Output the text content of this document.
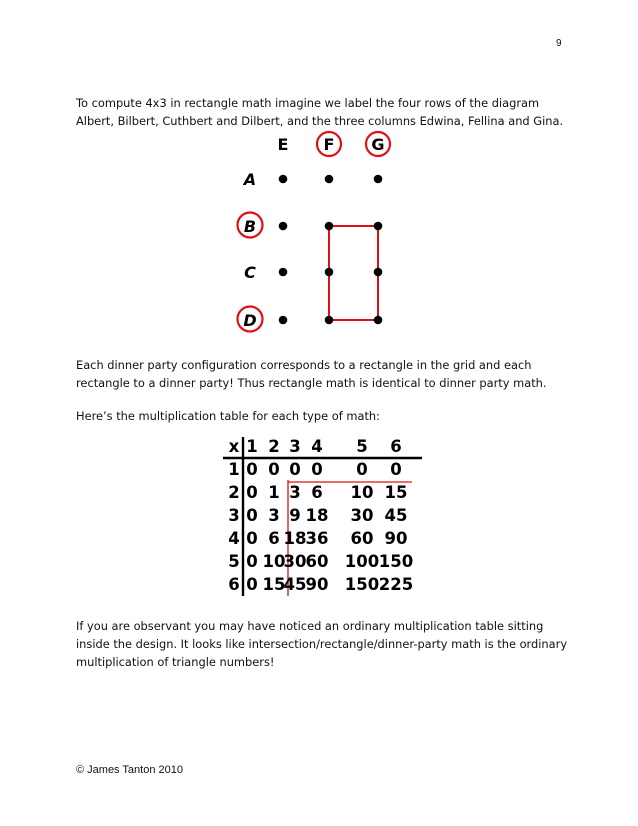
9

To compute 4x3 in rectangle math imagine we label the four rows of the diagram Albert, Bilbert, Cuthbert and Dilbert, and the three columns Edwina, Fellina and Gina.

E F G
A
B
C
D

Each dinner party configuration corresponds to a rectangle in the grid and each rectangle to a dinner party! Thus rectangle math is identical to dinner party math.

Here’s the multiplication table for each type of math:

x 1 2 3 4 5 6
1 0 0 0 0 0 0
2 0 1 3 6 10 15
3 0 3 9 18 30 45
4 0 6 18 36 60 90
5 0 10
30 60 100 150
6 0 15
45 90 150 225

If you are observant you may have noticed an ordinary multiplication table sitting inside the design. It looks like intersection/rectangle/dinner-party math is the ordinary multiplication of triangle numbers!

© James Tanton 2010
